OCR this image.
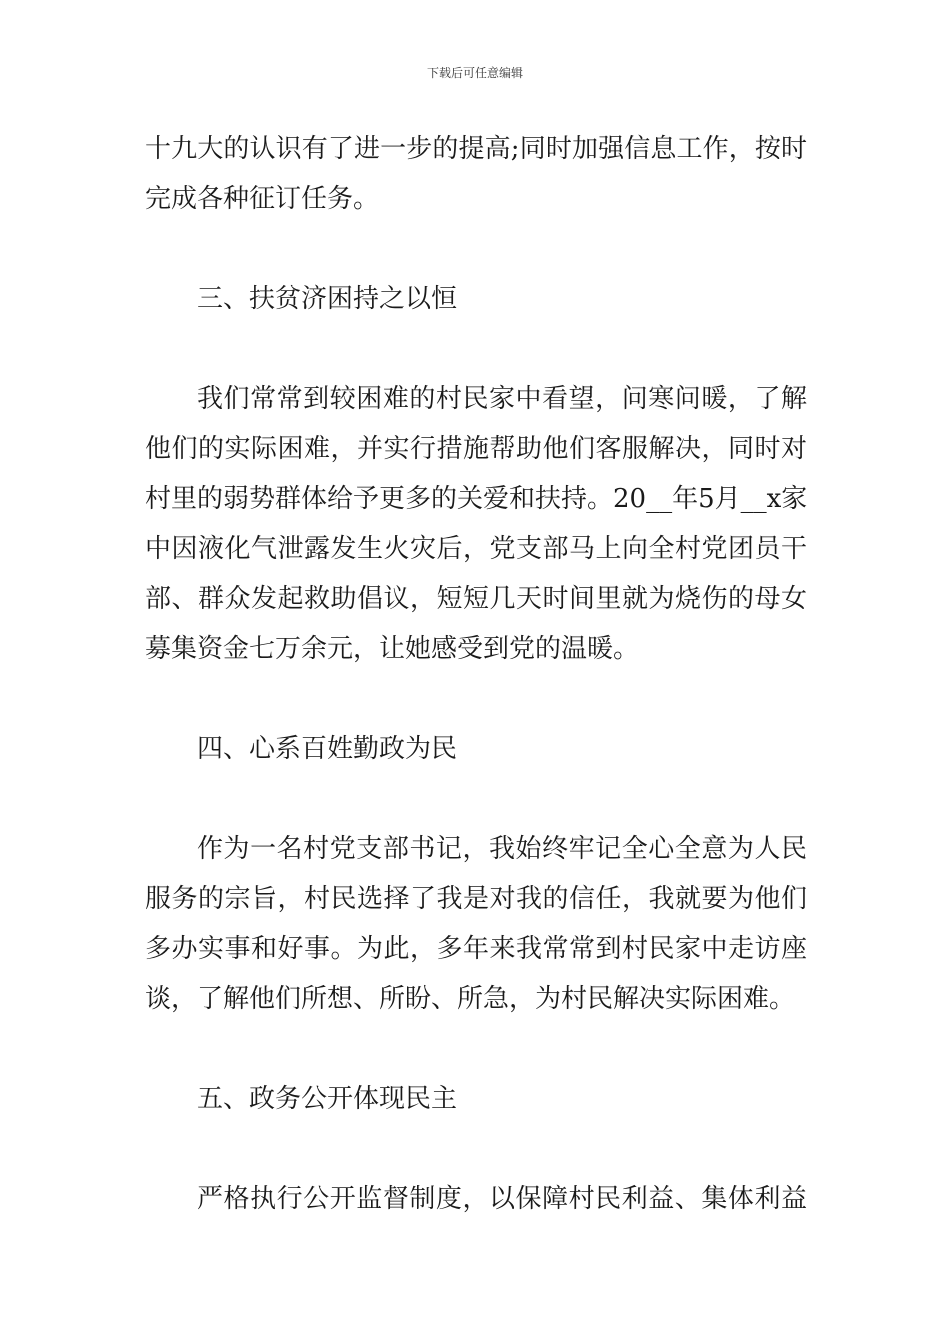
下载后可任意编辑
十九大的认识有了进一步的提高;同时加强信息工作，按时
完成各种征订任务。
三、扶贫济困持之以恒
我们常常到较困难的村民家中看望，问寒问暖，了解
他们的实际困难，并实行措施帮助他们客服解决，同时对
村里的弱势群体给予更多的关爱和扶持。20__年5月__x家
中因液化气泄露发生火灾后，党支部马上向全村党团员干
部、群众发起救助倡议，短短几天时间里就为烧伤的母女
募集资金七万余元，让她感受到党的温暖。
四、心系百姓勤政为民
作为一名村党支部书记，我始终牢记全心全意为人民
服务的宗旨，村民选择了我是对我的信任，我就要为他们
多办实事和好事。为此，多年来我常常到村民家中走访座
谈，了解他们所想、所盼、所急，为村民解决实际困难。
五、政务公开体现民主
严格执行公开监督制度，以保障村民利益、集体利益
